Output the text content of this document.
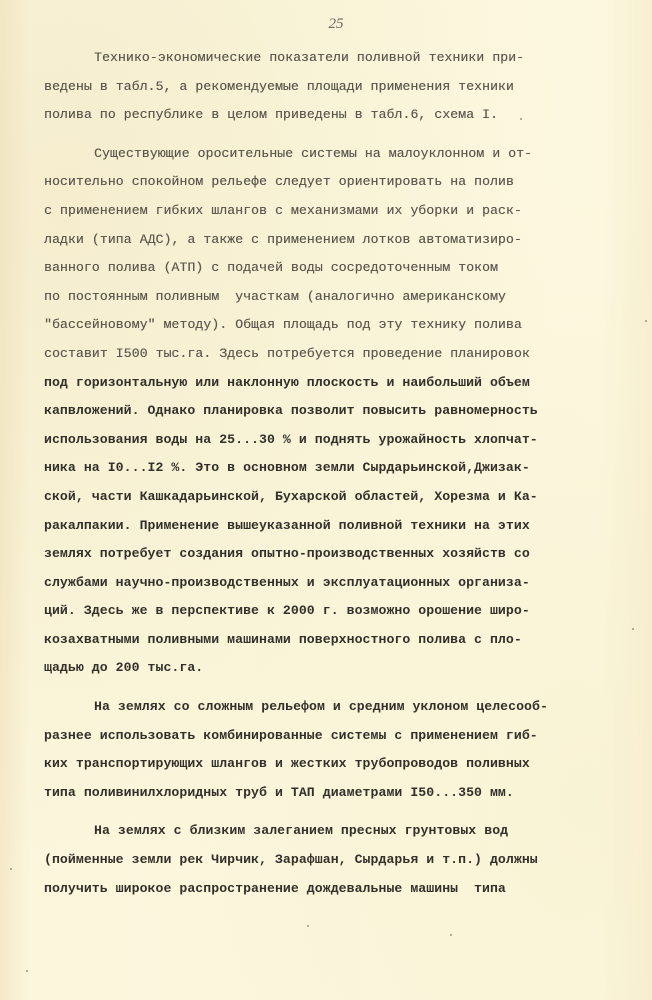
25
Технико-экономические показатели поливной техники при-
ведены в табл.5, а рекомендуемые площади применения техники
полива по республике в целом приведены в табл.6, схема I.
Существующие оросительные системы на малоуклонном и от-
носительно спокойном рельефе следует ориентировать на полив
с применением гибких шлангов с механизмами их уборки и раск-
ладки (типа АДС), а также с применением лотков автоматизиро-
ванного полива (АТП) с подачей воды сосредоточенным током
по постоянным поливным  участкам (аналогично американскому
"бассейновому" методу). Общая площадь под эту технику полива
составит I500 тыс.га. Здесь потребуется проведение планировок
под горизонтальную или наклонную плоскость и наибольший объем
капвложений. Однако планировка позволит повысить равномерность
использования воды на 25...30 % и поднять урожайность хлопчат-
ника на I0...I2 %. Это в основном земли Сырдарьинской,Джизак-
ской, части Кашкадарьинской, Бухарской областей, Хорезма и Ка-
ракалпакии. Применение вышеуказанной поливной техники на этих
землях потребует создания опытно-производственных хозяйств со
службами научно-производственных и эксплуатационных организа-
ций. Здесь же в перспективе к 2000 г. возможно орошение широ-
козахватными поливными машинами поверхностного полива с пло-
щадью до 200 тыс.га.
На землях со сложным рельефом и средним уклоном целесооб-
разнее использовать комбинированные системы с применением гиб-
ких транспортирующих шлангов и жестких трубопроводов поливных
типа поливинилхлоридных труб и ТАП диаметрами I50...350 мм.
На землях с близким залеганием пресных грунтовых вод
(пойменные земли рек Чирчик, Зарафшан, Сырдарья и т.п.) должны
получить широкое распространение дождевальные машины  типа
